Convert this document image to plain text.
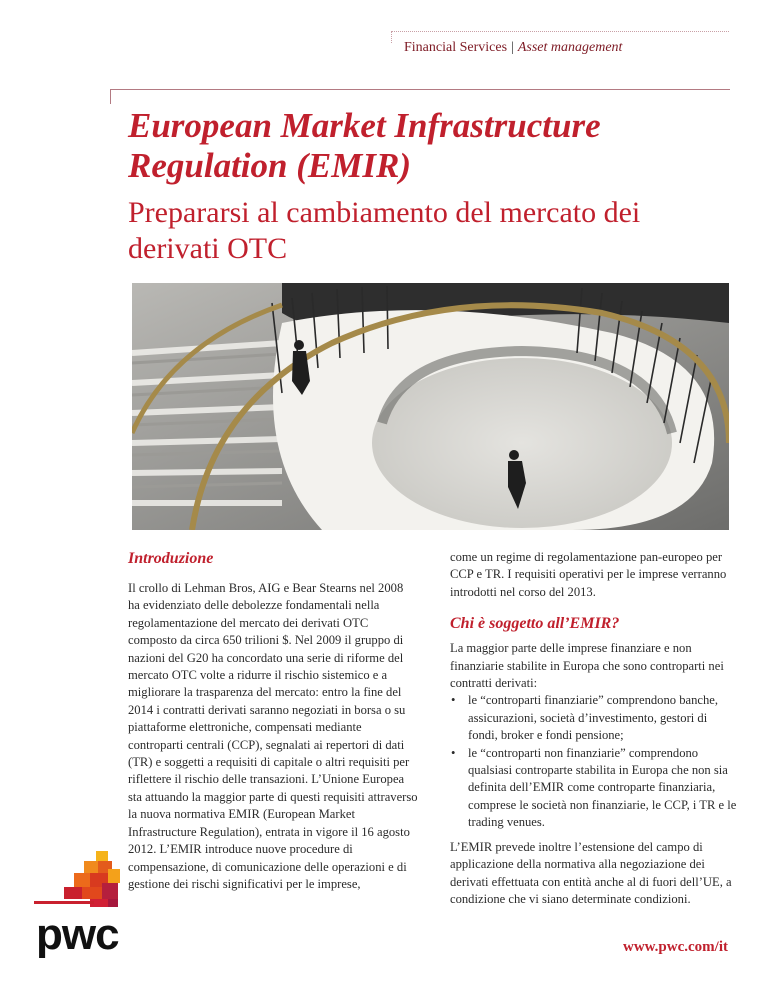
Financial Services | Asset management
European Market Infrastructure Regulation (EMIR)
Prepararsi al cambiamento del mercato dei derivati OTC
Introduzione

Il crollo di Lehman Bros, AIG e Bear Stearns nel 2008 ha evidenziato delle debolezze fondamentali nella regolamentazione del mercato dei derivati OTC composto da circa 650 trilioni $. Nel 2009 il gruppo di nazioni del G20 ha concordato una serie di riforme del mercato OTC volte a ridurre il rischio sistemico e a migliorare la trasparenza del mercato: entro la fine del 2014 i contratti derivati saranno negoziati in borsa o su piattaforme elettroniche, compensati mediante controparti centrali (CCP), segnalati ai repertori di dati (TR) e soggetti a requisiti di capitale o altri requisiti per riflettere il rischio delle transazioni. L’Unione Europea sta attuando la maggior parte di questi requisiti attraverso la nuova normativa EMIR (European Market Infrastructure Regulation), entrata in vigore il 16 agosto 2012. L’EMIR introduce nuove procedure di compensazione, di comunicazione delle operazioni e di gestione dei rischi significativi per le imprese,

come un regime di regolamentazione pan-europeo per CCP e TR. I requisiti operativi per le imprese verranno introdotti nel corso del 2013.

Chi è soggetto all’EMIR?

La maggior parte delle imprese finanziare e non finanziarie stabilite in Europa che sono controparti nei contratti derivati:

• le “controparti finanziarie” comprendono banche, assicurazioni, società d’investimento, gestori di fondi, broker e fondi pensione;
• le “controparti non finanziarie” comprendono qualsiasi controparte stabilita in Europa che non sia definita dell’EMIR come controparte finanziaria, comprese le società non finanziarie, le CCP, i TR e le trading venues.

L’EMIR prevede inoltre l’estensione del campo di applicazione della normativa alla negoziazione dei derivati effettuata con entità anche al di fuori dell’UE, a condizione che vi siano determinate condizioni.

pwc	www.pwc.com/it
